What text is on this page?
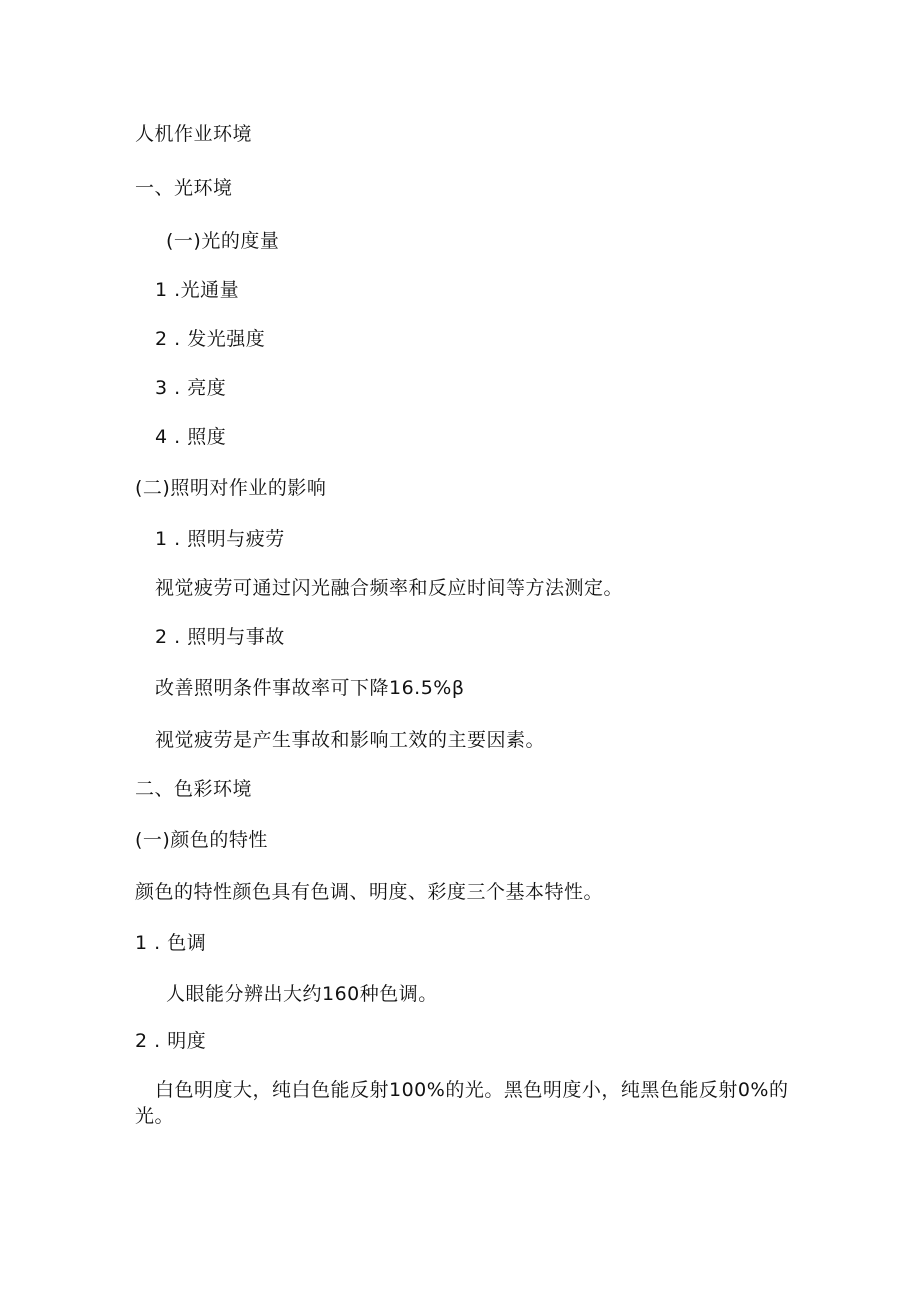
人机作业环境
一、光环境
(一)光的度量
1 .光通量
2 . 发光强度
3 . 亮度
4 . 照度
(二)照明对作业的影响
1 . 照明与疲劳
视觉疲劳可通过闪光融合频率和反应时间等方法测定。
2 . 照明与事故
改善照明条件事故率可下降16.5%β
视觉疲劳是产生事故和影响工效的主要因素。
二、色彩环境
(一)颜色的特性
颜色的特性颜色具有色调、明度、彩度三个基本特性。
1 . 色调
人眼能分辨出大约160种色调。
2 . 明度
白色明度大，纯白色能反射100%的光。黑色明度小，纯黑色能反射0%的光。
